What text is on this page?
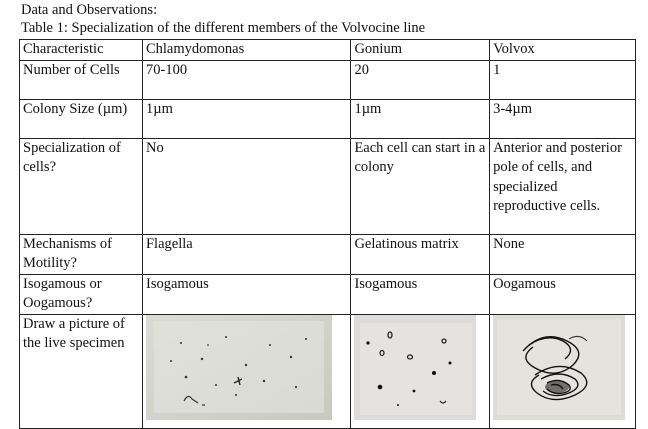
Data and Observations:
Table 1: Specialization of the different members of the Volvocine line
Characteristic	Chlamydomonas	Gonium	Volvox
Number of Cells	70-100	20	1
Colony Size (µm)	1µm	1µm	3-4µm
Specialization of cells?	No	Each cell can start in a colony	Anterior and posterior pole of cells, and specialized reproductive cells.
Mechanisms of Motility?	Flagella	Gelatinous matrix	None
Isogamous or Oogamous?	Isogamous	Isogamous	Oogamous
Draw a picture of the live specimen	
